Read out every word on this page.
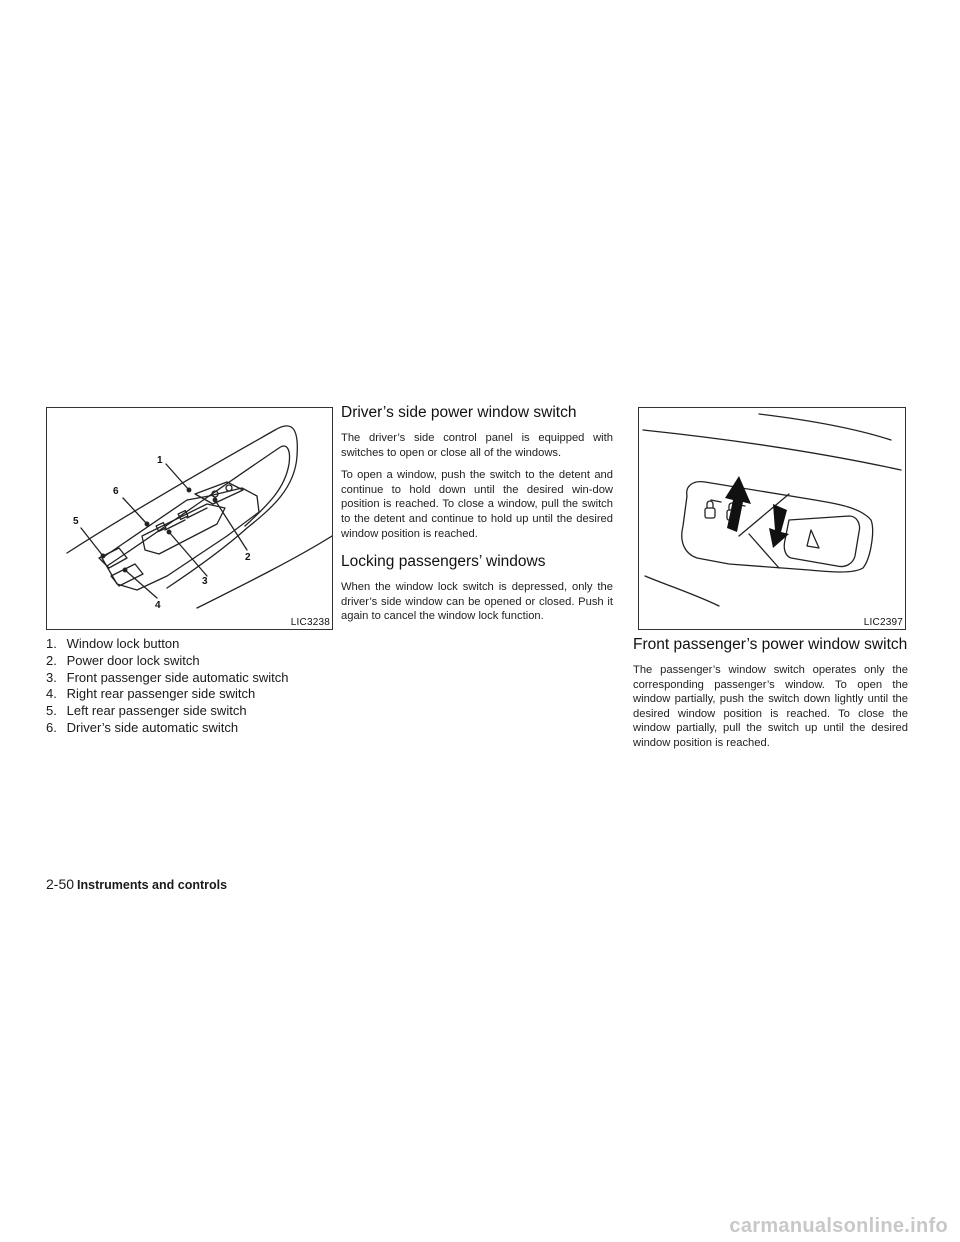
1
2
3
4
5
6
LIC3238
1. Window lock button
2. Power door lock switch
3. Front passenger side automatic switch
4. Right rear passenger side switch
5. Left rear passenger side switch
6. Driver’s side automatic switch
Driver’s side power window switch

The driver’s side control panel is equipped with switches to open or close all of the windows.

To open a window, push the switch to the detent and continue to hold down until the desired win-dow position is reached. To close a window, pull the switch to the detent and continue to hold up until the desired window position is reached.

Locking passengers’ windows

When the window lock switch is depressed, only the driver’s side window can be opened or closed. Push it again to cancel the window lock function.

LIC2397
Front passenger’s power window switch

The passenger’s window switch operates only the corresponding passenger’s window. To open the window partially, push the switch down lightly until the desired window position is reached. To close the window partially, pull the switch up until the desired window position is reached.

2-50 Instruments and controls
carmanualsonline.info
